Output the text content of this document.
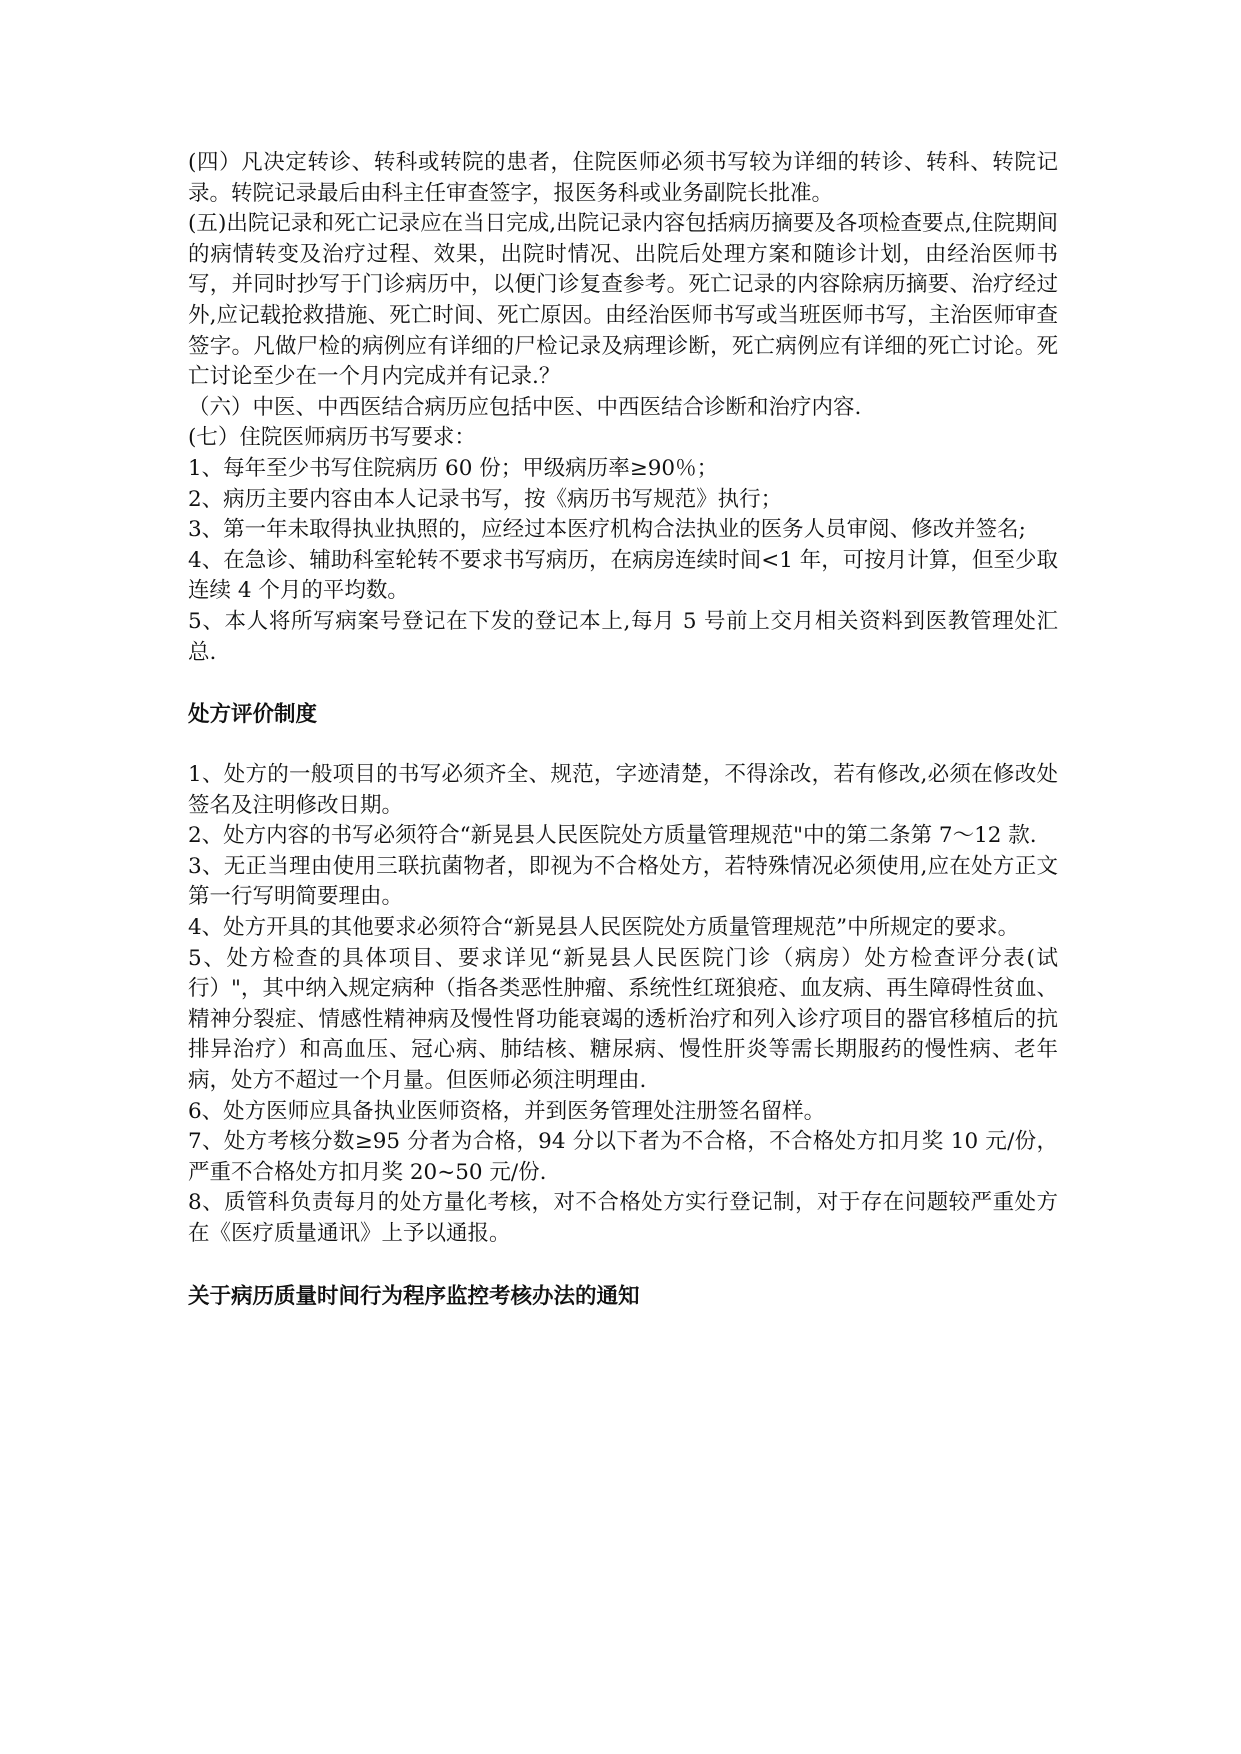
(四）凡决定转诊、转科或转院的患者，住院医师必须书写较为详细的转诊、转科、转院记录。转院记录最后由科主任审查签字，报医务科或业务副院长批准。

(五)出院记录和死亡记录应在当日完成,出院记录内容包括病历摘要及各项检查要点,住院期间的病情转变及治疗过程、效果，出院时情况、出院后处理方案和随诊计划，由经治医师书写，并同时抄写于门诊病历中，以便门诊复查参考。死亡记录的内容除病历摘要、治疗经过外,应记载抢救措施、死亡时间、死亡原因。由经治医师书写或当班医师书写，主治医师审查签字。凡做尸检的病例应有详细的尸检记录及病理诊断，死亡病例应有详细的死亡讨论。死亡讨论至少在一个月内完成并有记录.？

（六）中医、中西医结合病历应包括中医、中西医结合诊断和治疗内容.

(七）住院医师病历书写要求：

1、每年至少书写住院病历 60 份；甲级病历率≥90％；

2、病历主要内容由本人记录书写，按《病历书写规范》执行；

3、第一年未取得执业执照的，应经过本医疗机构合法执业的医务人员审阅、修改并签名;

4、在急诊、辅助科室轮转不要求书写病历，在病房连续时间<1 年，可按月计算，但至少取连续 4 个月的平均数。

5、本人将所写病案号登记在下发的登记本上,每月 5 号前上交月相关资料到医教管理处汇总.

处方评价制度

1、处方的一般项目的书写必须齐全、规范，字迹清楚，不得涂改，若有修改,必须在修改处签名及注明修改日期。

2、处方内容的书写必须符合“新晃县人民医院处方质量管理规范"中的第二条第 7～12 款.

3、无正当理由使用三联抗菌物者，即视为不合格处方，若特殊情况必须使用,应在处方正文第一行写明简要理由。

4、处方开具的其他要求必须符合“新晃县人民医院处方质量管理规范”中所规定的要求。

5、处方检查的具体项目、要求详见“新晃县人民医院门诊（病房）处方检查评分表(试行）"，其中纳入规定病种（指各类恶性肿瘤、系统性红斑狼疮、血友病、再生障碍性贫血、精神分裂症、情感性精神病及慢性肾功能衰竭的透析治疗和列入诊疗项目的器官移植后的抗排异治疗）和高血压、冠心病、肺结核、糖尿病、慢性肝炎等需长期服药的慢性病、老年病，处方不超过一个月量。但医师必须注明理由.

6、处方医师应具备执业医师资格，并到医务管理处注册签名留样。

7、处方考核分数≥95 分者为合格，94 分以下者为不合格，不合格处方扣月奖 10 元/份，严重不合格处方扣月奖 20~50 元/份.

8、质管科负责每月的处方量化考核，对不合格处方实行登记制，对于存在问题较严重处方在《医疗质量通讯》上予以通报。

关于病历质量时间行为程序监控考核办法的通知
